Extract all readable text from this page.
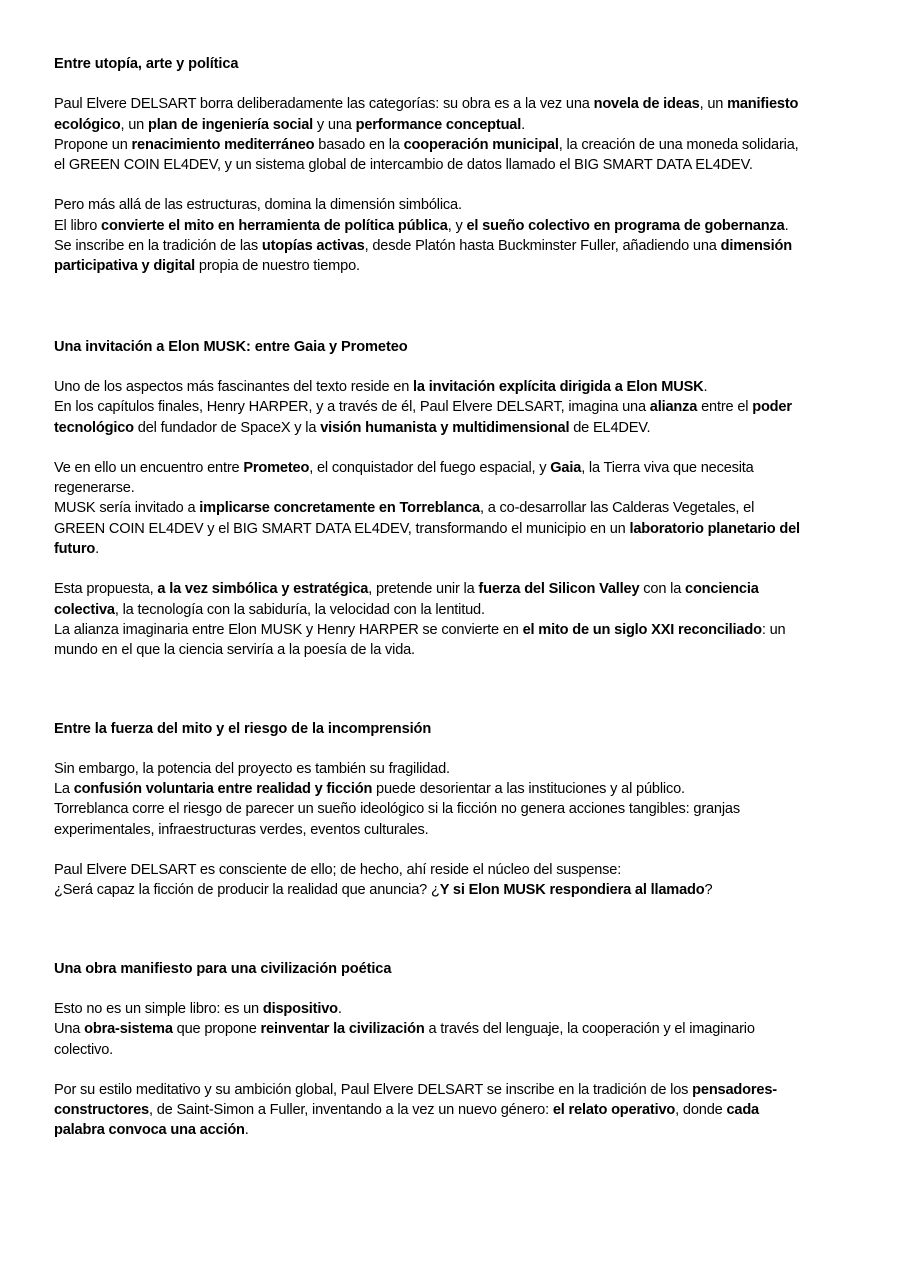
Entre utopía, arte y política
Paul Elvere DELSART borra deliberadamente las categorías: su obra es a la vez una novela de ideas, un manifiesto
ecológico, un plan de ingeniería social y una performance conceptual.
Propone un renacimiento mediterráneo basado en la cooperación municipal, la creación de una moneda solidaria,
el GREEN COIN EL4DEV, y un sistema global de intercambio de datos llamado el BIG SMART DATA EL4DEV.
Pero más allá de las estructuras, domina la dimensión simbólica.
El libro convierte el mito en herramienta de política pública, y el sueño colectivo en programa de gobernanza.
Se inscribe en la tradición de las utopías activas, desde Platón hasta Buckminster Fuller, añadiendo una dimensión
participativa y digital propia de nuestro tiempo.
Una invitación a Elon MUSK: entre Gaia y Prometeo
Uno de los aspectos más fascinantes del texto reside en la invitación explícita dirigida a Elon MUSK.
En los capítulos finales, Henry HARPER, y a través de él, Paul Elvere DELSART, imagina una alianza entre el poder
tecnológico del fundador de SpaceX y la visión humanista y multidimensional de EL4DEV.
Ve en ello un encuentro entre Prometeo, el conquistador del fuego espacial, y Gaia, la Tierra viva que necesita
regenerarse.
MUSK sería invitado a implicarse concretamente en Torreblanca, a co-desarrollar las Calderas Vegetales, el
GREEN COIN EL4DEV y el BIG SMART DATA EL4DEV, transformando el municipio en un laboratorio planetario del
futuro.
Esta propuesta, a la vez simbólica y estratégica, pretende unir la fuerza del Silicon Valley con la conciencia
colectiva, la tecnología con la sabiduría, la velocidad con la lentitud.
La alianza imaginaria entre Elon MUSK y Henry HARPER se convierte en el mito de un siglo XXI reconciliado: un
mundo en el que la ciencia serviría a la poesía de la vida.
Entre la fuerza del mito y el riesgo de la incomprensión
Sin embargo, la potencia del proyecto es también su fragilidad.
La confusión voluntaria entre realidad y ficción puede desorientar a las instituciones y al público.
Torreblanca corre el riesgo de parecer un sueño ideológico si la ficción no genera acciones tangibles: granjas
experimentales, infraestructuras verdes, eventos culturales.
Paul Elvere DELSART es consciente de ello; de hecho, ahí reside el núcleo del suspense:
¿Será capaz la ficción de producir la realidad que anuncia? ¿Y si Elon MUSK respondiera al llamado?
Una obra manifiesto para una civilización poética
Esto no es un simple libro: es un dispositivo.
Una obra-sistema que propone reinventar la civilización a través del lenguaje, la cooperación y el imaginario
colectivo.
Por su estilo meditativo y su ambición global, Paul Elvere DELSART se inscribe en la tradición de los pensadores-
constructores, de Saint-Simon a Fuller, inventando a la vez un nuevo género: el relato operativo, donde cada
palabra convoca una acción.
